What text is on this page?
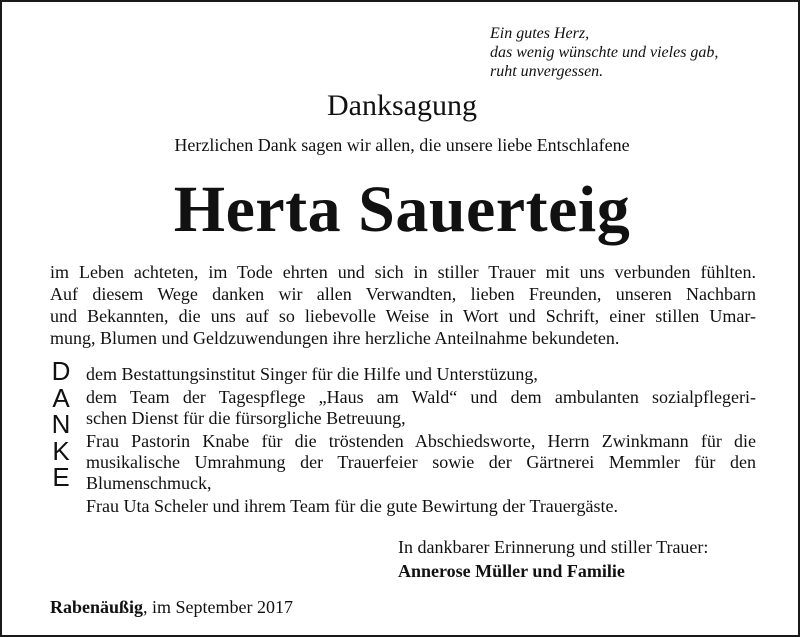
Ein gutes Herz,
das wenig wünschte und vieles gab,
ruht unvergessen.
Danksagung
Herzlichen Dank sagen wir allen, die unsere liebe Entschlafene
Herta Sauerteig
im Leben achteten, im Tode ehrten und sich in stiller Trauer mit uns verbunden fühlten.
Auf diesem Wege danken wir allen Verwandten, lieben Freunden, unseren Nachbarn
und Bekannten, die uns auf so liebevolle Weise in Wort und Schrift, einer stillen Umar-
mung, Blumen und Geldzuwendungen ihre herzliche Anteilnahme bekundeten.
D
A
N
K
E
dem Bestattungsinstitut Singer für die Hilfe und Unterstüzung,
dem Team der Tagespflege „Haus am Wald“ und dem ambulanten sozialpflegeri-
schen Dienst für die fürsorgliche Betreuung,
Frau Pastorin Knabe für die tröstenden Abschiedsworte, Herrn Zwinkmann für die
musikalische Umrahmung der Trauerfeier sowie der Gärtnerei Memmler für den
Blumenschmuck,
Frau Uta Scheler und ihrem Team für die gute Bewirtung der Trauergäste.
In dankbarer Erinnerung und stiller Trauer:
Annerose Müller und Familie
Rabenäußig, im September 2017
